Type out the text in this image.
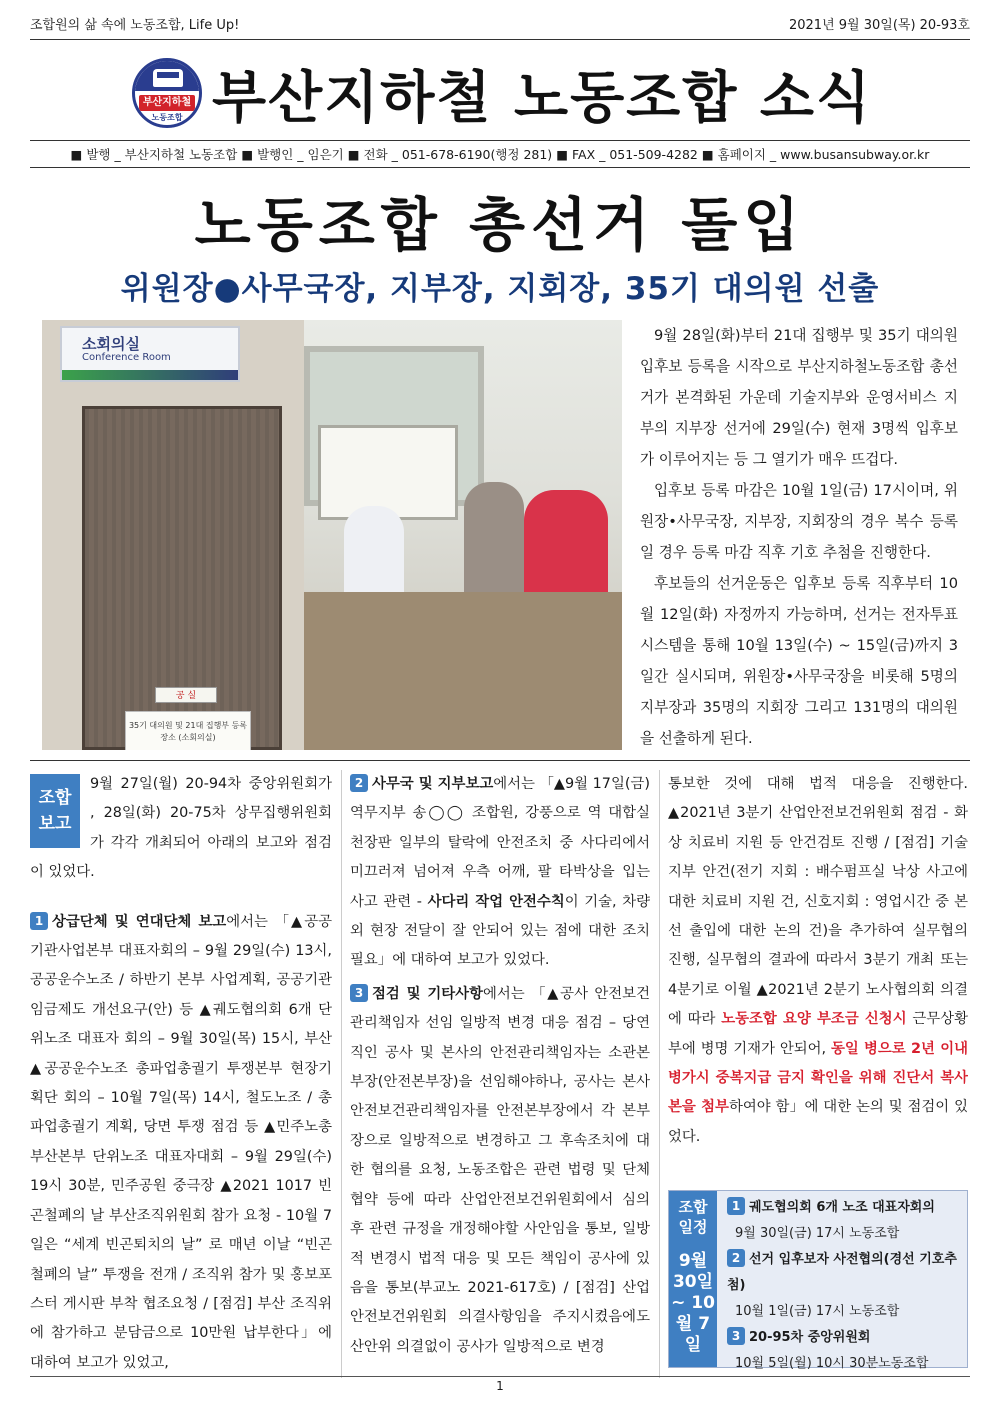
조합원의 삶 속에 노동조합, Life Up!	2021년 9월 30일(목) 20-93호
부산지하철
노동조합 부산지하철 노동조합 소식
■ 발행 _ 부산지하철 노동조합 ■ 발행인 _ 임은기 ■ 전화 _ 051-678-6190(행정 281) ■ FAX _ 051-509-4282 ■ 홈페이지 _ www.busansubway.or.kr
노동조합 총선거 돌입
위원장●사무국장, 지부장, 지회장, 35기 대의원 선출
소회의실
Conference Room
공 실
35기 대의원 및 21대 집행부 등록 장소 (소회의실)

9월 28일(화)부터 21대 집행부 및 35기 대의원 입후보 등록을 시작으로 부산지하철노동조합 총선거가 본격화된 가운데 기술지부와 운영서비스 지부의 지부장 선거에 29일(수) 현재 3명씩 입후보가 이루어지는 등 그 열기가 매우 뜨겁다.

입후보 등록 마감은 10월 1일(금) 17시이며, 위원장•사무국장, 지부장, 지회장의 경우 복수 등록일 경우 등록 마감 직후 기호 추첨을 진행한다.

후보들의 선거운동은 입후보 등록 직후부터 10월 12일(화) 자정까지 가능하며, 선거는 전자투표 시스템을 통해 10월 13일(수) ~ 15일(금)까지 3일간 실시되며, 위원장•사무국장을 비롯해 5명의 지부장과 35명의 지회장 그리고 131명의 대의원을 선출하게 된다.

조합 보고
9월 27일(월) 20-94차 중앙위원회가 , 28일(화) 20-75차 상무집행위원회가 각각 개최되어 아래의 보고와 점검이 있었다.
1 상급단체 및 연대단체 보고에서는 「▲공공기관사업본부 대표자회의 – 9월 29일(수) 13시, 공공운수노조 / 하반기 본부 사업계획, 공공기관 임금제도 개선요구(안) 등 ▲궤도협의회 6개 단위노조 대표자 회의 – 9월 30일(목) 15시, 부산 ▲공공운수노조 총파업총궐기 투쟁본부 현장기획단 회의 – 10월 7일(목) 14시, 철도노조 / 총파업총궐기 계획, 당면 투쟁 점검 등 ▲민주노총부산본부 단위노조 대표자대회 – 9월 29일(수) 19시 30분, 민주공원 중극장 ▲2021 1017 빈곤철폐의 날 부산조직위원회 참가 요청 - 10월 7일은 “세계 빈곤퇴치의 날” 로 매년 이날 “빈곤철폐의 날” 투쟁을 전개 / 조직위 참가 및 홍보포스터 게시판 부착 협조요청 / [점검] 부산 조직위에 참가하고 분담금으로 10만원 납부한다」에 대하여 보고가 있었고,
2 사무국 및 지부보고에서는 「▲9월 17일(금) 역무지부 송◯◯ 조합원, 강풍으로 역 대합실 천장판 일부의 탈락에 안전조치 중 사다리에서 미끄러져 넘어져 우측 어깨, 팔 타박상을 입는 사고 관련 - 사다리 작업 안전수칙이 기술, 차량 외 현장 전달이 잘 안되어 있는 점에 대한 조치 필요」에 대하여 보고가 있었다.
3 점검 및 기타사항에서는 「▲공사 안전보건관리책임자 선임 일방적 변경 대응 점검 – 당연직인 공사 및 본사의 안전관리책임자는 소관본부장(안전본부장)을 선임해야하나, 공사는 본사 안전보건관리책임자를 안전본부장에서 각 본부장으로 일방적으로 변경하고 그 후속조치에 대한 협의를 요청, 노동조합은 관련 법령 및 단체협약 등에 따라 산업안전보건위원회에서 심의 후 관련 규정을 개정해야할 사안임을 통보, 일방적 변경시 법적 대응 및 모든 책임이 공사에 있음을 통보(부교노 2021-617호) / [점검] 산업안전보건위원회 의결사항임을 주지시켰음에도 산안위 의결없이 공사가 일방적으로 변경
통보한 것에 대해 법적 대응을 진행한다. ▲2021년 3분기 산업안전보건위원회 점검 - 화상 치료비 지원 등 안건검토 진행 / [점검] 기술지부 안건(전기 지회 : 배수펌프실 낙상 사고에 대한 치료비 지원 건, 신호지회 : 영업시간 중 본선 출입에 대한 논의 건)을 추가하여 실무협의 진행, 실무협의 결과에 따라서 3분기 개최 또는 4분기로 이월 ▲2021년 2분기 노사협의회 의결에 따라 노동조합 요양 부조금 신청시 근무상황부에 병명 기재가 안되어, 동일 병으로 2년 이내 병가시 중복지급 금지 확인을 위해 진단서 복사본을 첨부하여야 함」에 대한 논의 및 점검이 있었다.
조합 일정
9월 30일 ~ 10월 7일
1 궤도협의회 6개 노조 대표자회의
9월 30일(금) 17시 노동조합
2 선거 입후보자 사전협의(경선 기호추첨)
10월 1일(금) 17시 노동조합
3 20-95차 중앙위원회
10월 5일(월) 10시 30분노동조합
1
